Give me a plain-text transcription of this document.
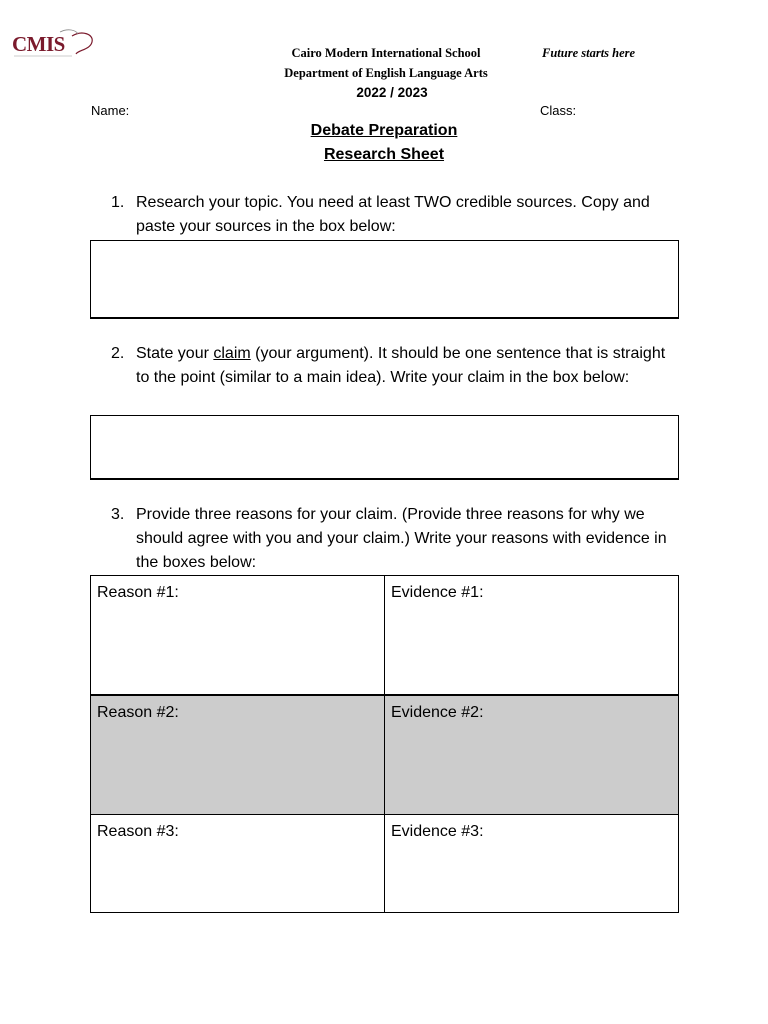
CMIS	Cairo Modern International School
Department of English Language Arts
2022 / 2023
Future starts here
Name:	Class:
Debate Preparation
Research Sheet
1. Research your topic. You need at least TWO credible sources. Copy and paste your sources in the box below:
2. State your claim (your argument). It should be one sentence that is straight to the point (similar to a main idea). Write your claim in the box below:
3. Provide three reasons for your claim. (Provide three reasons for why we should agree with you and your claim.) Write your reasons with evidence in the boxes below:
Reason #1:	Evidence #1:
Reason #2:	Evidence #2:
Reason #3:	Evidence #3:
